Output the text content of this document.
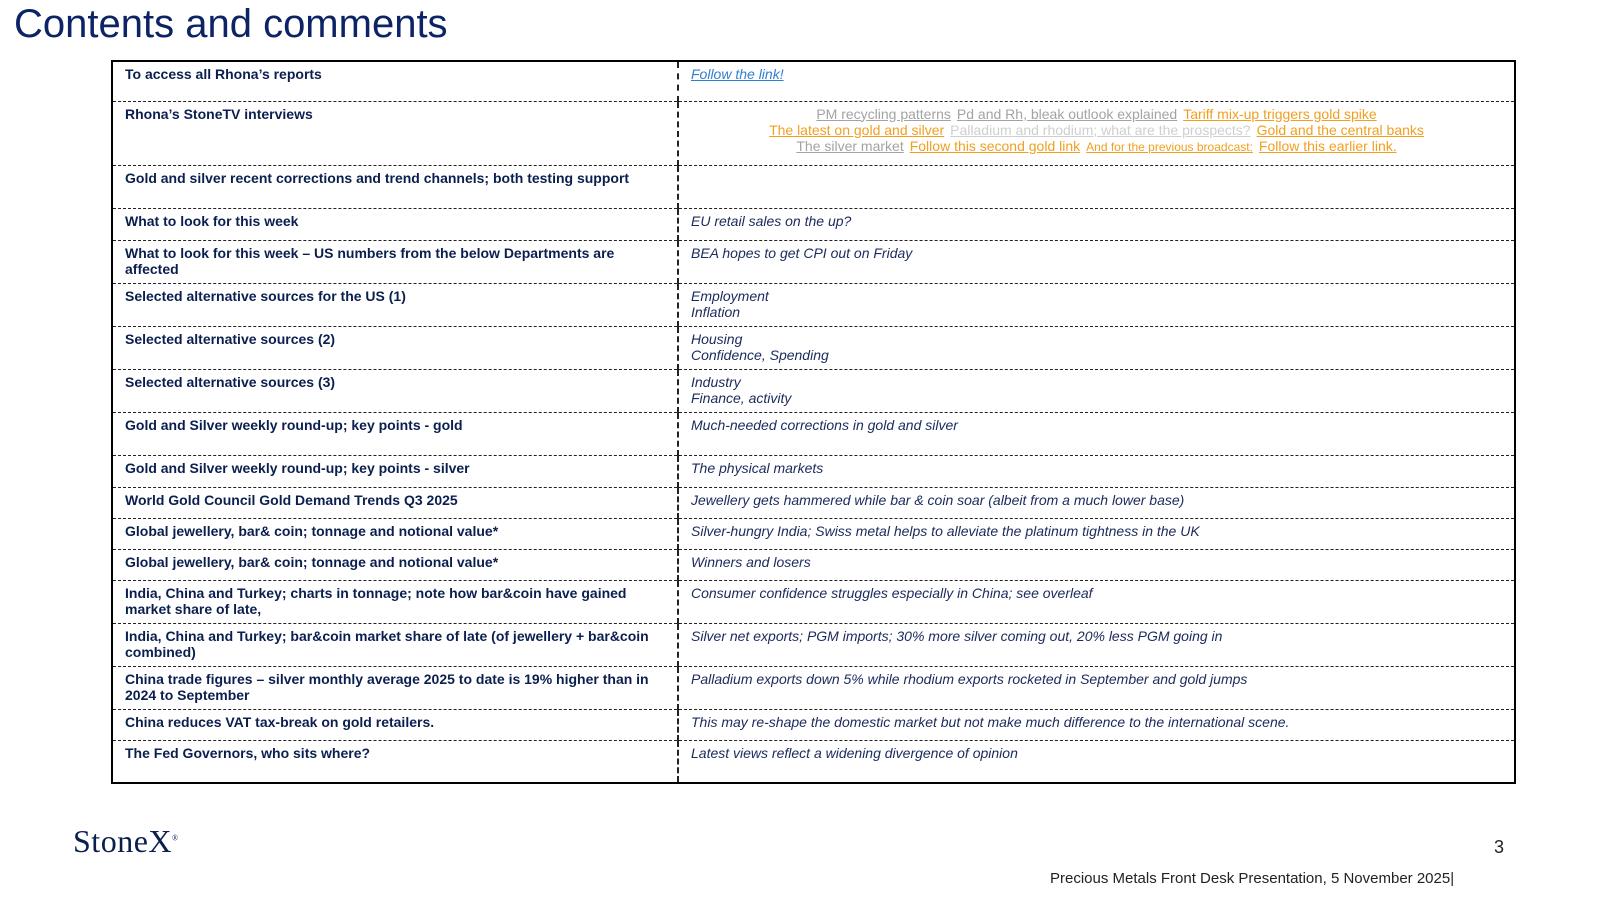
Contents and comments
To access all Rhona’s reports	Follow the link!
Rhona’s StoneTV interviews	PM recycling patterns Pd and Rh, bleak outlook explained Tariff mix-up triggers gold spike
The latest on gold and silver Palladium and rhodium; what are the prospects? Gold and the central banks
The silver market Follow this second gold link And for the previous broadcast: Follow this earlier link.

Gold and silver recent corrections and trend channels; both testing support	
What to look for this week	EU retail sales on the up?

What to look for this week – US numbers from the below Departments are affected	BEA hopes to get CPI out on Friday

Selected alternative sources for the US (1)	Employment
Inflation

Selected alternative sources (2)	Housing
Confidence, Spending

Selected alternative sources (3)	Industry
Finance, activity

Gold and Silver weekly round-up; key points - gold	Much-needed corrections in gold and silver

Gold and Silver weekly round-up; key points - silver	The physical markets

World Gold Council Gold Demand Trends Q3 2025	Jewellery gets hammered while bar & coin soar (albeit from a much lower base)

Global jewellery, bar& coin; tonnage and notional value*	Silver-hungry India; Swiss metal helps to alleviate the platinum tightness in the UK

Global jewellery, bar& coin; tonnage and notional value*	Winners and losers

India, China and Turkey; charts in tonnage; note how bar&coin have gained market share of late,	Consumer confidence struggles especially in China; see overleaf

India, China and Turkey; bar&coin market share of late (of jewellery + bar&coin combined)	Silver net exports; PGM imports; 30% more silver coming out, 20% less PGM going in

China trade figures – silver monthly average 2025 to date is 19% higher than in 2024 to September	Palladium exports down 5% while rhodium exports rocketed in September and gold jumps

China reduces VAT tax-break on gold retailers.	This may re-shape the domestic market but not make much difference to the international scene.

The Fed Governors, who sits where?	Latest views reflect a widening divergence of opinion
StoneX®	3
Precious Metals Front Desk Presentation, 5 November 2025|
